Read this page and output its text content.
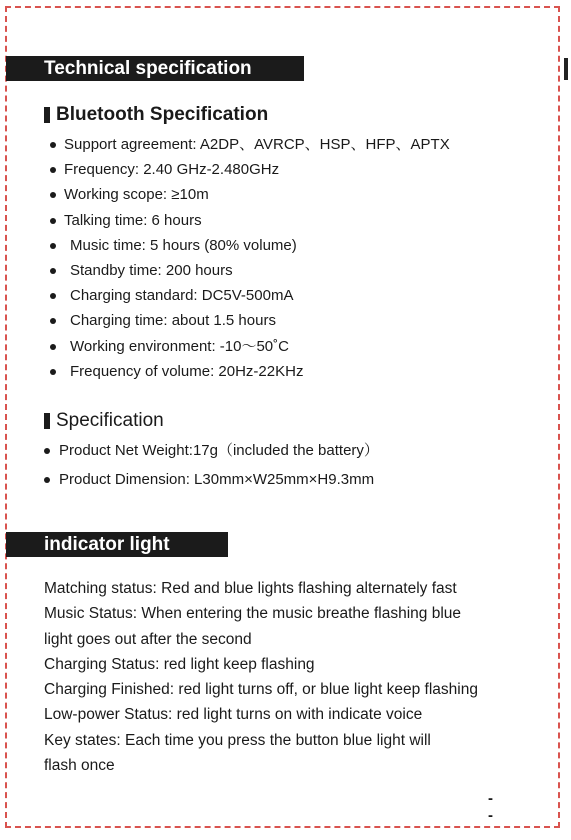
Technical specification
Bluetooth Specification
Support agreement: A2DP、AVRCP、HSP、HFP、APTX
Frequency: 2.40 GHz-2.480GHz
Working scope: ≥10m
Talking time: 6 hours
Music time: 5 hours (80% volume)
Standby time: 200 hours
Charging standard: DC5V-500mA
Charging time: about 1.5 hours
Working environment: -10～50˚C
Frequency of volume: 20Hz-22KHz
Specification
Product Net Weight:17g（included the battery）
Product Dimension: L30mm×W25mm×H9.3mm
indicator light
Matching status: Red and blue lights flashing alternately fast
Music Status: When entering the music breathe flashing blue
light goes out after the second
Charging Status: red light keep flashing
Charging Finished: red light turns off, or blue light keep flashing
Low-power Status: red light turns on with indicate voice
Key states: Each time you press the button blue light will
flash once
- -
